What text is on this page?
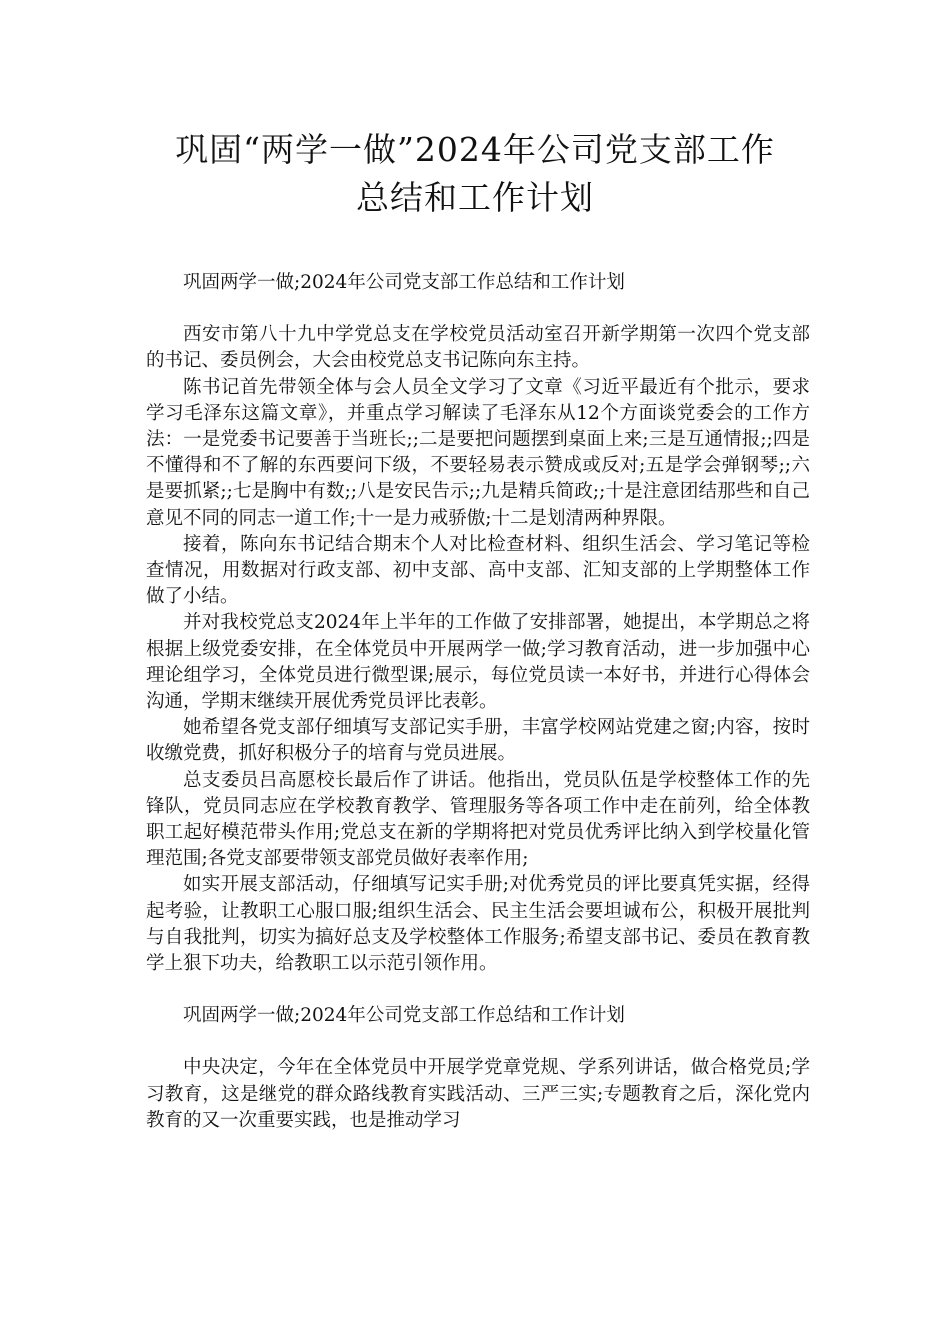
巩固“两学一做”2024年公司党支部工作
总结和工作计划

巩固两学一做;2024年公司党支部工作总结和工作计划

西安市第八十九中学党总支在学校党员活动室召开新学期第一次四个党支部的书记、委员例会，大会由校党总支书记陈向东主持。

陈书记首先带领全体与会人员全文学习了文章《习近平最近有个批示，要求学习毛泽东这篇文章》，并重点学习解读了毛泽东从12个方面谈党委会的工作方法：一是党委书记要善于当班长;;二是要把问题摆到桌面上来;三是互通情报;;四是不懂得和不了解的东西要问下级，不要轻易表示赞成或反对;五是学会弹钢琴;;六是要抓紧;;七是胸中有数;;八是安民告示;;九是精兵简政;;十是注意团结那些和自己意见不同的同志一道工作;十一是力戒骄傲;十二是划清两种界限。

接着，陈向东书记结合期末个人对比检查材料、组织生活会、学习笔记等检查情况，用数据对行政支部、初中支部、高中支部、汇知支部的上学期整体工作做了小结。

并对我校党总支2024年上半年的工作做了安排部署，她提出，本学期总之将根据上级党委安排，在全体党员中开展两学一做;学习教育活动，进一步加强中心理论组学习，全体党员进行微型课;展示，每位党员读一本好书，并进行心得体会沟通，学期末继续开展优秀党员评比表彰。

她希望各党支部仔细填写支部记实手册，丰富学校网站党建之窗;内容，按时收缴党费，抓好积极分子的培育与党员进展。

总支委员吕高愿校长最后作了讲话。他指出，党员队伍是学校整体工作的先锋队，党员同志应在学校教育教学、管理服务等各项工作中走在前列，给全体教职工起好模范带头作用;党总支在新的学期将把对党员优秀评比纳入到学校量化管理范围;各党支部要带领支部党员做好表率作用;

如实开展支部活动，仔细填写记实手册;对优秀党员的评比要真凭实据，经得起考验，让教职工心服口服;组织生活会、民主生活会要坦诚布公，积极开展批判与自我批判，切实为搞好总支及学校整体工作服务;希望支部书记、委员在教育教学上狠下功夫，给教职工以示范引领作用。

巩固两学一做;2024年公司党支部工作总结和工作计划

中央决定，今年在全体党员中开展学党章党规、学系列讲话，做合格党员;学习教育，这是继党的群众路线教育实践活动、三严三实;专题教育之后，深化党内教育的又一次重要实践，也是推动学习
